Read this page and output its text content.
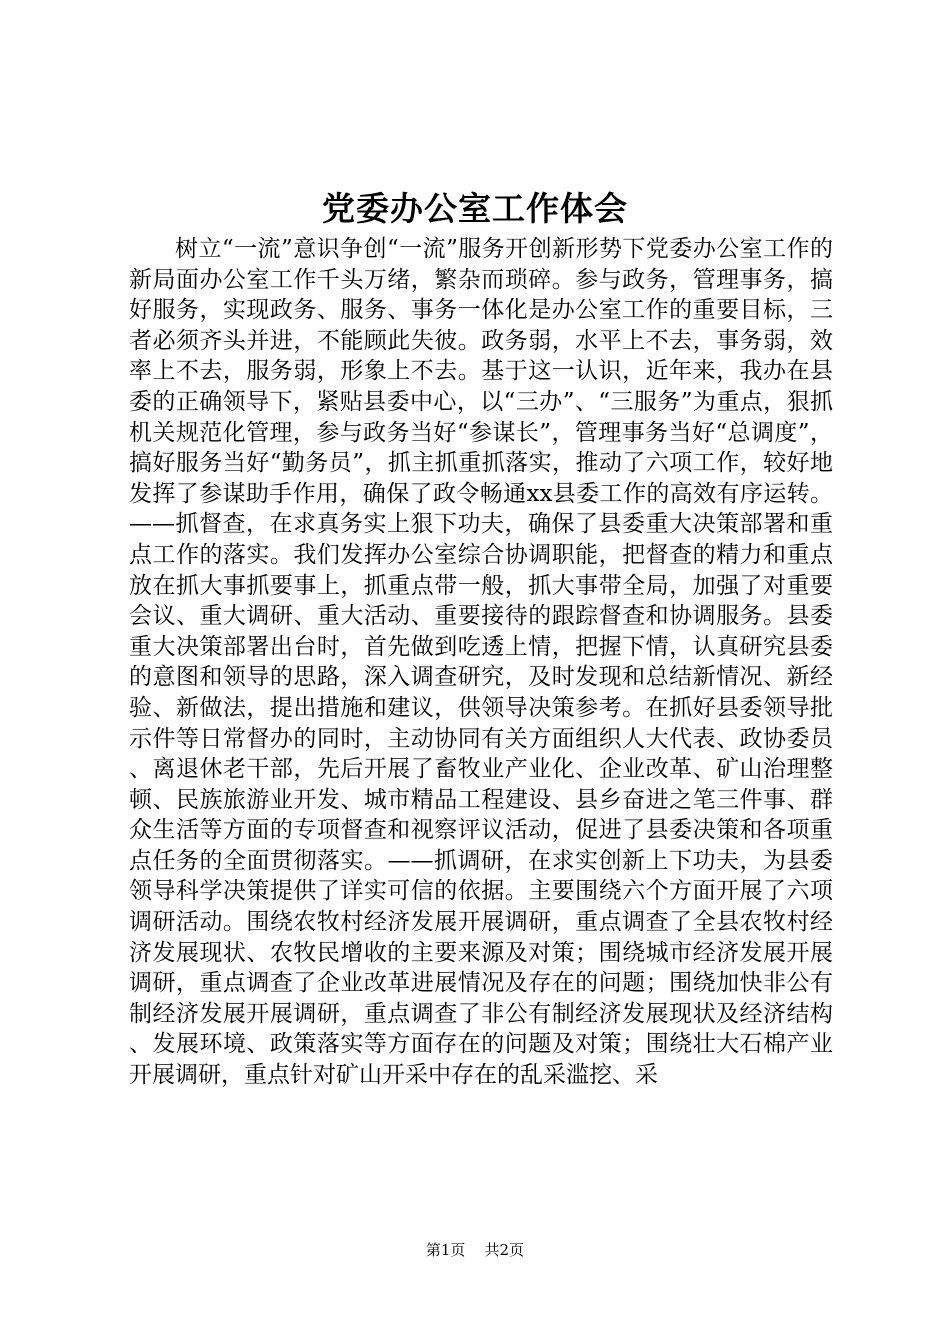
党委办公室工作体会

树立“一流”意识争创“一流”服务开创新形势下党委办公室工作的新局面办公室工作千头万绪，繁杂而琐碎。参与政务，管理事务，搞好服务，实现政务、服务、事务一体化是办公室工作的重要目标，三者必须齐头并进，不能顾此失彼。政务弱，水平上不去，事务弱，效率上不去，服务弱，形象上不去。基于这一认识，近年来，我办在县委的正确领导下，紧贴县委中心，以“三办”、“三服务”为重点，狠抓机关规范化管理，参与政务当好“参谋长”，管理事务当好“总调度”，搞好服务当好“勤务员”，抓主抓重抓落实，推动了六项工作，较好地发挥了参谋助手作用，确保了政令畅通xx县委工作的高效有序运转。——抓督查，在求真务实上狠下功夫，确保了县委重大决策部署和重点工作的落实。我们发挥办公室综合协调职能，把督查的精力和重点放在抓大事抓要事上，抓重点带一般，抓大事带全局，加强了对重要会议、重大调研、重大活动、重要接待的跟踪督查和协调服务。县委重大决策部署出台时，首先做到吃透上情，把握下情，认真研究县委的意图和领导的思路，深入调查研究，及时发现和总结新情况、新经验、新做法，提出措施和建议，供领导决策参考。在抓好县委领导批示件等日常督办的同时，主动协同有关方面组织人大代表、政协委员、离退休老干部，先后开展了畜牧业产业化、企业改革、矿山治理整顿、民族旅游业开发、城市精品工程建设、县乡奋进之笔三件事、群众生活等方面的专项督查和视察评议活动，促进了县委决策和各项重点任务的全面贯彻落实。——抓调研，在求实创新上下功夫，为县委领导科学决策提供了详实可信的依据。主要围绕六个方面开展了六项调研活动。围绕农牧村经济发展开展调研，重点调查了全县农牧村经济发展现状、农牧民增收的主要来源及对策；围绕城市经济发展开展调研，重点调查了企业改革进展情况及存在的问题；围绕加快非公有制经济发展开展调研，重点调查了非公有制经济发展现状及经济结构、发展环境、政策落实等方面存在的问题及对策；围绕壮大石棉产业开展调研，重点针对矿山开采中存在的乱采滥挖、采

第1页 共2页
